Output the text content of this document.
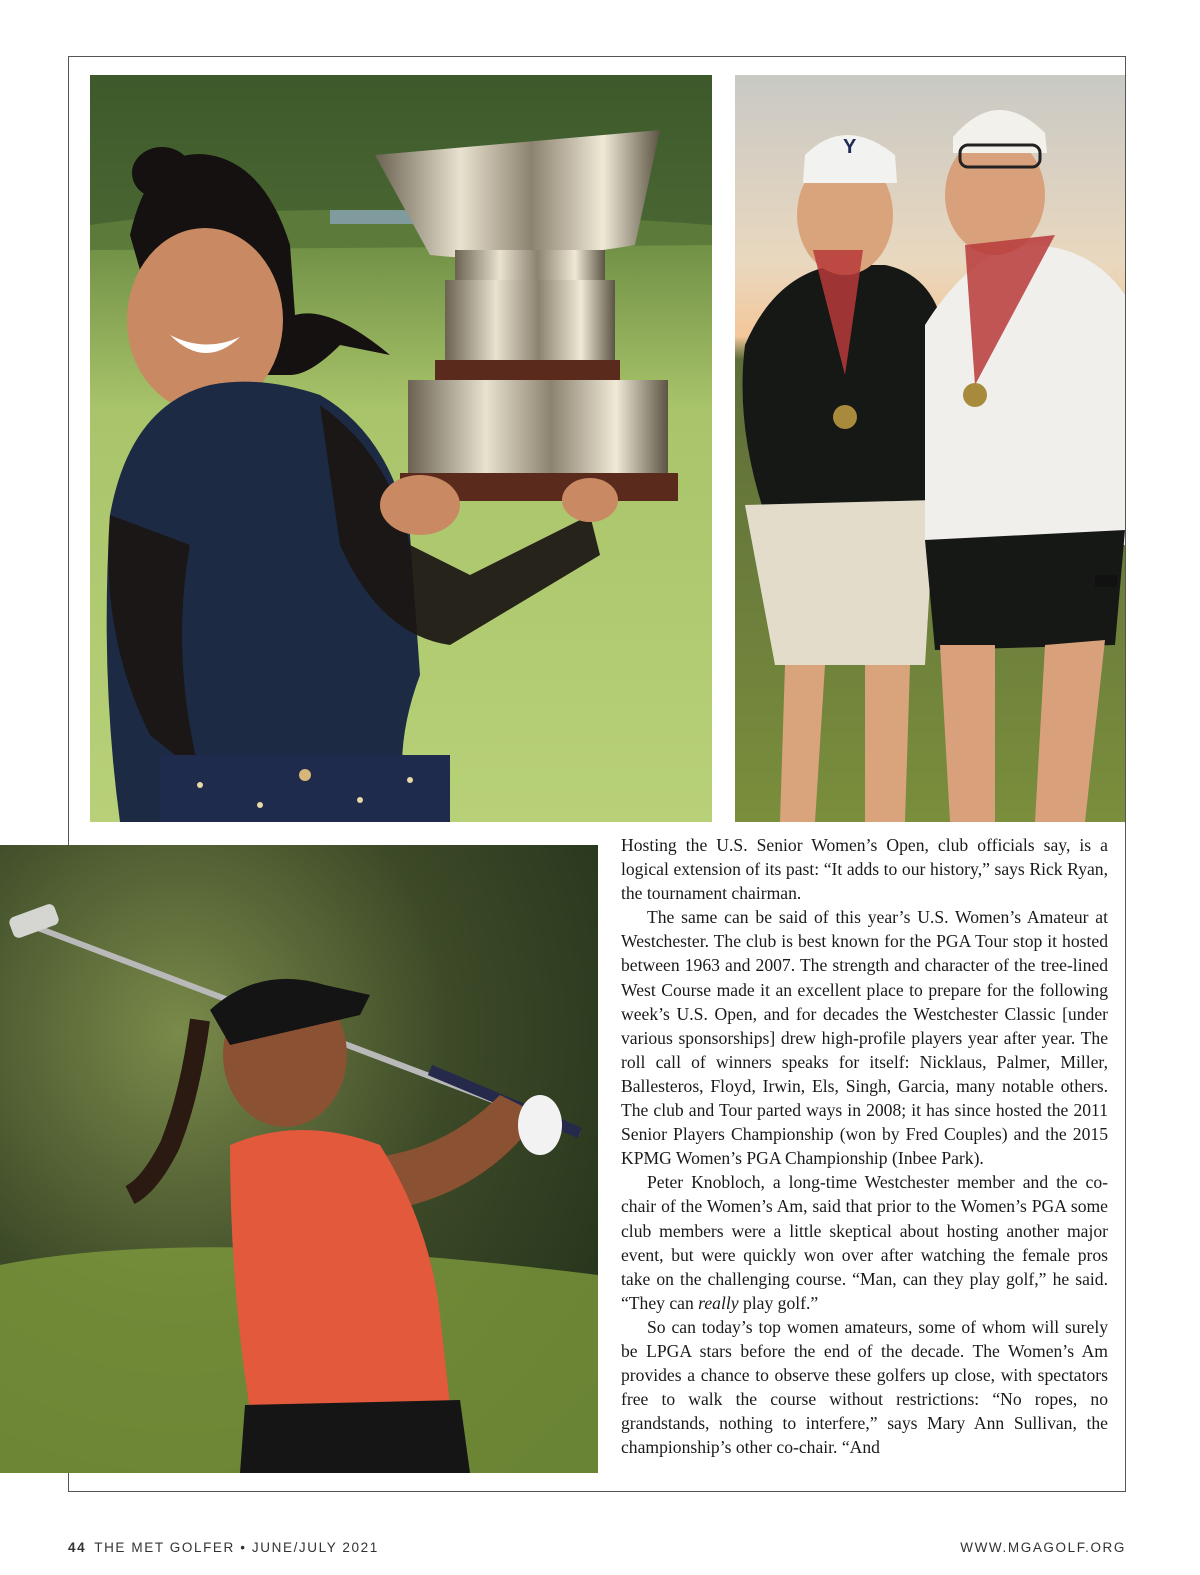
Y

Hosting the U.S. Senior Women’s Open, club officials say, is a logical extension of its past: “It adds to our history,” says Rick Ryan, the tournament chairman.

The same can be said of this year’s U.S. Women’s Amateur at Westchester. The club is best known for the PGA Tour stop it hosted between 1963 and 2007. The strength and character of the tree-lined West Course made it an excellent place to prepare for the following week’s U.S. Open, and for decades the Westchester Classic [under various sponsorships] drew high-profile players year after year. The roll call of winners speaks for itself: Nicklaus, Palmer, Miller, Ballesteros, Floyd, Irwin, Els, Singh, Garcia, many notable others. The club and Tour parted ways in 2008; it has since hosted the 2011 Senior Players Championship (won by Fred Couples) and the 2015 KPMG Women’s PGA Championship (Inbee Park).

Peter Knobloch, a long-time Westchester member and the co-chair of the Women’s Am, said that prior to the Women’s PGA some club members were a little skeptical about hosting another major event, but were quickly won over after watching the female pros take on the challenging course. “Man, can they play golf,” he said. “They can really play golf.”

So can today’s top women amateurs, some of whom will surely be LPGA stars before the end of the decade. The Women’s Am provides a chance to observe these golfers up close, with spectators free to walk the course without restrictions: “No ropes, no grandstands, nothing to interfere,” says Mary Ann Sullivan, the championship’s other co-chair. “And

44 THE MET GOLFER • JUNE/JULY 2021	WWW.MGAGOLF.ORG
